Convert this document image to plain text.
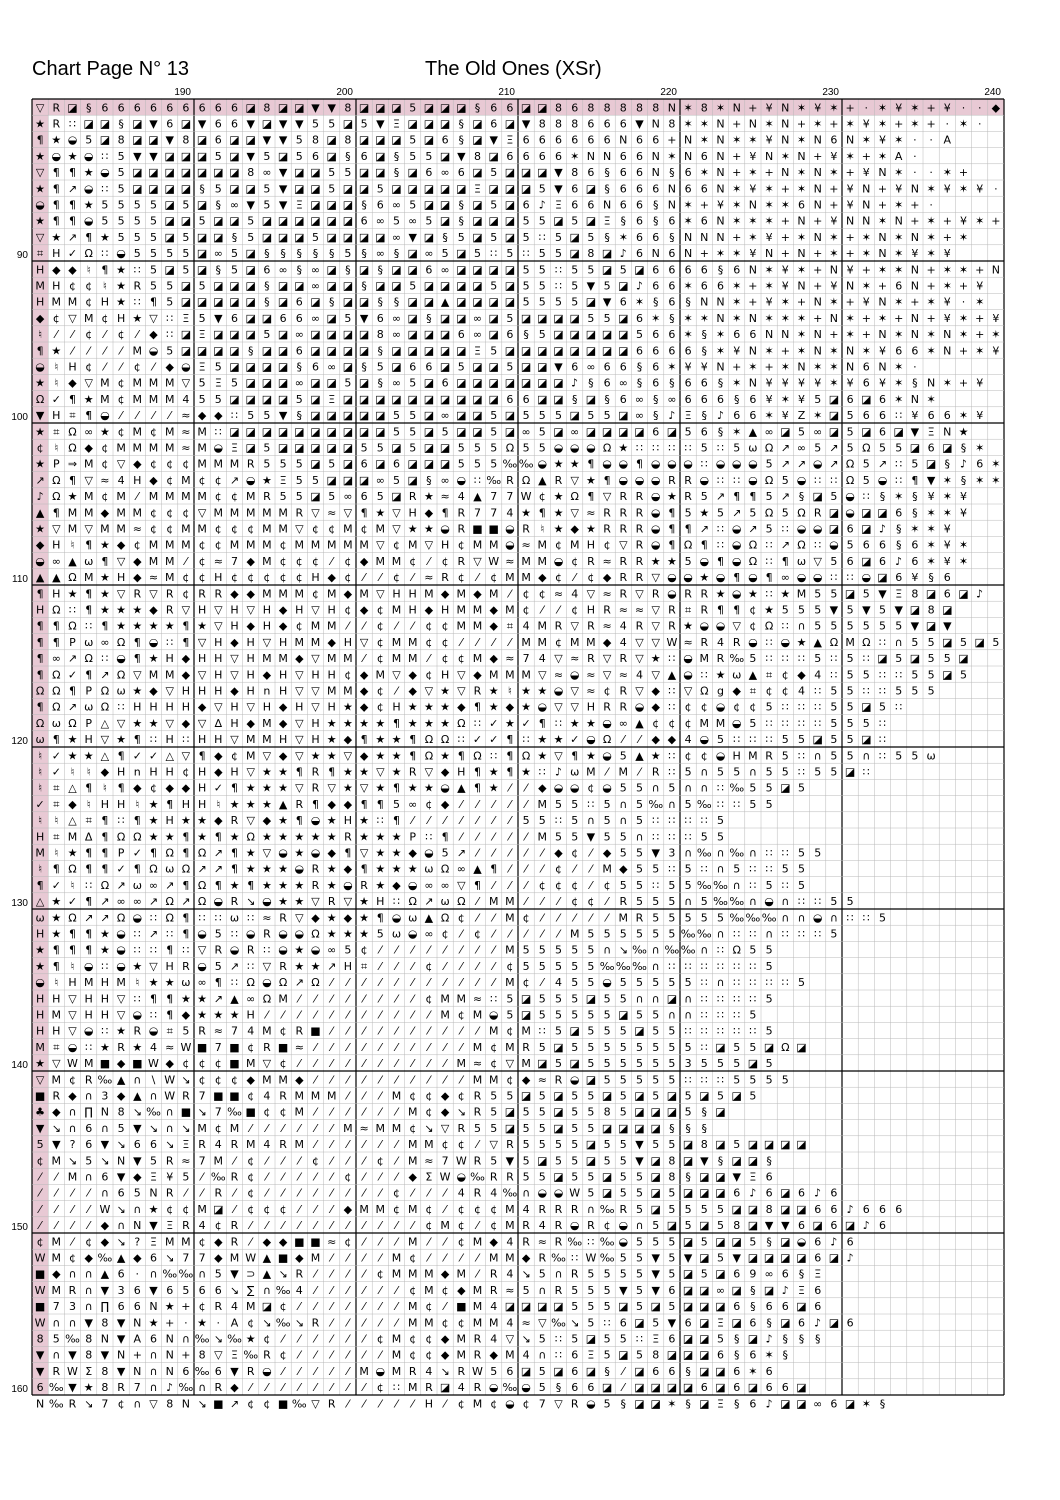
Chart Page N° 13	The Old Ones (XSr)
▽ R ◪ § 6 6 6 6 6 6 6 6 6 ◪ 8 ◪ ◪ ▼ ▼ 8 ◪ ◪ ◪ 5 ◪ ◪ ◪ § 6 6 ◪ ◪ 8 6 8 8 8 8 8 N ✶ 8 ✶ N + ¥ N ✶ ¥ ✶ + · ✶ ¥ ✶ + ¥ · · ◆
★ R ∷ ◪ ◪ § ◪ ▼ 6 ◪ ▼ 6 6 ▼ ◪ ▼ ▼ 5 5 ◪ 5 ▼ Ξ ◪ ◪ ◪ § ◪ 6 ◪ ▼ 8 8 8 6 6 6 ▼ N 8 ✶ ✶ N + N ✶ N + ✶ + ✶ ¥ ✶ + ✶ + · ✶ ·
¶ ★ ◒ 5 ◪ 8 ◪ ◪ ▼ 8 ◪ 6 ◪ ◪ ▼ ▼ 5 8 ◪ 8 ◪ ◪ ◪ 5 ◪ 6 § ◪ ▼ Ξ 6 6 6 6 6 6 N 6 6 + N ✶ N ✶ ✶ ¥ N ✶ N 6 N ✶ ¥ ✶ · · A
★ ◒ ★ ◒ ∷ 5 ▼ ▼ ◪ ◪ ◪ 5 ◪ ▼ 5 ◪ 5 6 ◪ § 6 ◪ § 5 5 ◪ ▼ 8 ◪ 6 6 6 6 ✶ N N 6 6 N ✶ N 6 N + ¥ N ✶ N + ¥ ✶ + ✶ A ·
▽ ¶ ¶ ★ ◒ 5 ◪ ◪ ◪ ◪ ◪ ◪ ◪ 8 ∞ ▼ ◪ ◪ 5 5 ◪ ◪ § ◪ 6 ∞ 6 ◪ 5 ◪ ◪ ◪ ▼ 8 6 § 6 6 N § 6 ✶ N + ✶ + N ✶ N ✶ + ¥ N ✶ · · ✶ +
★ ¶ ↗ ◒ ∷ 5 ◪ ◪ ◪ ◪ § 5 ◪ ◪ 5 ▼ ◪ ◪ 5 ◪ ◪ 5 ◪ ◪ ◪ ◪ ◪ Ξ ◪ ◪ ◪ 5 ▼ 6 ◪ § 6 6 6 N 6 6 N ✶ ¥ ✶ + ✶ N + ¥ N + ¥ N ✶ ¥ ✶ ¥ ·
◒ ¶ ¶ ★ 5 5 5 5 ◪ 5 ◪ § ∞ ▼ 5 ▼ Ξ ◪ ◪ ◪ § 6 ∞ 5 ◪ ◪ § ◪ 5 ◪ 6 ♪ Ξ 6 6 N 6 6 § N ✶ + ¥ ✶ N ✶ ✶ 6 N + ¥ N + ✶ + ·
★ ¶ ¶ ◒ 5 5 5 5 ◪ ◪ 5 ◪ ◪ 5 ◪ ◪ ◪ ◪ ◪ ◪ 6 ∞ 5 ∞ 5 ◪ § ◪ ◪ ◪ 5 5 ◪ 5 ◪ Ξ § 6 § 6 ✶ 6 N ✶ ✶ ✶ + N + ¥ N N ✶ N + ✶ + ¥ ✶ +
▽ ★ ↗ ¶ ★ 5 5 5 ◪ 5 ◪ ◪ § 5 ◪ ◪ ◪ 5 ◪ ◪ ◪ ◪ ∞ ▼ ◪ § 5 ◪ 5 ◪ 5 ∷ 5 ◪ 5 § ✶ 6 6 § N N N + ✶ ¥ + ✶ N ✶ + ✶ N ✶ N ✶ + ✶
⌗ H ✓ Ω ∷ ◒ 5 5 5 5 ◪ ∞ 5 ◪ § § § § § 5 § ∞ § ◪ ∞ 5 ◪ 5 ∷ 5 ∷ 5 5 ◪ 8 ◪ ♪ 6 N 6 N + ✶ ✶ ¥ N + N + ✶ + ✶ N ✶ ¥ ✶ ¥
H ◆ ◆ ♮ ¶ ★ ∷ 5 ◪ 5 ◪ § 5 ◪ 6 ∞ § ∞ ◪ § ◪ § ◪ ◪ 6 ∞ ◪ ◪ ◪ ◪ 5 5 ∷ 5 5 ◪ 5 ◪ 6 6 6 6 § 6 N ✶ ¥ ✶ + N ¥ + ✶ ✶ N + ✶ ✶ + N
M H ¢ ¢ ♮ ★ R 5 5 ◪ 5 ◪ ◪ ◪ § ◪ ◪ ∞ ◪ ◪ § ◪ ◪ 5 ◪ ◪ ◪ ◪ 5 ◪ 5 5 ∷ 5 ▼ 5 ◪ ♪ 6 6 ✶ 6 6 ✶ + ✶ ¥ N + ¥ N ✶ + 6 N + ✶ + ¥
H M M ¢ H ★ ∷ ¶ 5 ◪ ◪ ◪ ◪ ◪ § ◪ 6 ◪ § ◪ ◪ § § ◪ ◪ ▲ ◪ ◪ ◪ ◪ 5 5 5 5 ◪ ▼ 6 ✶ § 6 § N N ✶ + ¥ ✶ + N ✶ + ¥ N ✶ + ✶ ¥ · ✶
◆ ¢ ▽ M ¢ H ★ ▽ ∷ Ξ 5 ▼ 6 ◪ ◪ 6 6 ∞ ◪ 5 ▼ 6 ∞ ◪ § ◪ ◪ ∞ ◪ 5 ◪ ◪ ◪ ◪ 5 5 ◪ 6 ✶ § ✶ ✶ N ✶ N ✶ ✶ ✶ + N ✶ + ✶ + N + ¥ ✶ + ¥
♮ ⁄ ⁄ ¢ ⁄ ¢ ⁄ ◆ ∷ ◪ Ξ ◪ ◪ ◪ 5 ◪ ∞ ◪ ◪ ◪ ◪ 8 ∞ ◪ ◪ ◪ 6 ∞ ◪ 6 § 5 ◪ ◪ ◪ ◪ ◪ 5 6 6 ✶ § ✶ 6 6 N N ✶ N + ✶ + N ✶ N ✶ N ✶ + ✶
¶ ★ ⁄ ⁄ ⁄ ⁄ M ◒ 5 ◪ ◪ ◪ ◪ § ◪ ◪ 6 ◪ ◪ ◪ ◪ § ◪ ◪ ◪ ◪ ◪ Ξ 5 ◪ ◪ ◪ ◪ ◪ ◪ ◪ ◪ 6 6 6 6 § ✶ ¥ N ✶ + ✶ N ✶ N ✶ ¥ 6 6 ✶ N + ✶ ¥
◒ ♮ H ¢ ⁄ ⁄ ¢ ⁄ ◆ ◒ Ξ 5 ◪ ◪ ◪ ◪ § 6 ∞ ◪ § 5 ◪ 6 6 ◪ 5 ◪ ◪ 5 ◪ ◪ ▼ 6 ∞ 6 6 § 6 ✶ ¥ ¥ N + ✶ + ✶ N ✶ ✶ N 6 N ✶ ·
★ ♮ ◆ ▽ M ¢ M M M ▽ 5 Ξ 5 ◪ ◪ ◪ ∞ ◪ ◪ 5 ◪ § ∞ 5 ◪ 6 ◪ ◪ ◪ ◪ ◪ ◪ ◪ ♪ § 6 ∞ § 6 § 6 6 § ✶ N ¥ ¥ ¥ ¥ ✶ ¥ 6 ¥ ✶ § N ✶ + ¥
Ω ✓ ¶ ★ M ¢ M M M 4 5 5 ◪ ◪ ◪ ◪ 5 ◪ Ξ ◪ ◪ ◪ ◪ ◪ ◪ ◪ ◪ ◪ ◪ 6 6 ◪ ◪ § ◪ § 6 ∞ § ∞ 6 6 6 § 6 ¥ ✶ ¥ 5 ◪ 6 ◪ 6 ✶ N ✶
▼ H ⌗ ¶ ◒ ⁄ ⁄ ⁄ ⁄ ≈ ◆ ◆ ∷ 5 5 ▼ § ◪ ◪ ◪ ◪ ◪ 5 5 ◪ ∞ ◪ ◪ 5 ◪ 5 5 5 ◪ 5 5 ◪ ∞ § ♪ Ξ § ♪ 6 6 ✶ ¥ Z ✶ ◪ 5 6 6 ∷ ¥ 6 6 ✶ ¥
★ ⌗ Ω ∞ ★ ¢ M ¢ M ≈ M ∷ ◪ ◪ ◪ ◪ ◪ ◪ ◪ ◪ ◪ ◪ 5 5 ◪ 5 ◪ ◪ 5 ◪ ∞ 5 ◪ ∞ ◪ ◪ ◪ ◪ 6 ◪ 5 6 § ✶ ▲ ∞ ◪ 5 ∞ ◪ 5 ◪ 6 ◪ ▼ Ξ N ★
¢ ♮ Ω ◆ ¢ M M M M ≈ M ◒ Ξ ◪ 5 ◪ ◪ ◪ ◪ ◪ 5 5 ◪ 5 ◪ ◪ 5 5 5 Ω 5 5 ◒ ◒ ◒ Ω ★ ∷ ∷ ∷ ∷ 5 ∷ 5 ω Ω ↗ ∞ 5 ↗ 5 Ω 5 5 ◪ 6 ◪ § ✶
★ P ⇒ M ¢ ▽ ◆ ¢ ¢ ¢ M M M R 5 5 5 ◪ 5 ◪ 6 ◪ 6 ◪ ◪ ◪ 5 5 5 ‰ ‰ ◒ ★ ★ ¶ ◒ ◒ ¶ ◒ ◒ ◒ ∷ ◒ ◒ ◒ 5 ↗ ↗ ◒ ↗ Ω 5 ↗ ∷ 5 ◪ § ♪ 6 ✶
↗ Ω ¶ ▽ ≈ 4 H ◆ ¢ M ¢ ¢ ↗ ◒ ★ Ξ 5 5 ◪ ◪ ◪ ∞ 5 ◪ § ∞ ◒ ∷ ‰ R Ω ▲ R ▽ ★ ¶ ◒ ◒ ◒ R R ◒ ∷ ∷ ◒ Ω 5 ◒ ∷ ∷ Ω 5 ◒ ∷ ¶ ▼ ✶ § ✶ ✶
♪ Ω ★ M ¢ M ⁄ M M M M ¢ ¢ M R 5 5 ◪ 5 ∞ 6 5 ◪ R ★ ≈ 4 ▲ 7 7 W ¢ ★ Ω ¶ ▽ R R ◒ ★ R 5 ↗ ¶ ¶ 5 ↗ § ◪ 5 ◒ ∷ § ✶ § ¥ ✶ ¥
▲ ¶ M M ◆ M M ¢ ¢ ¢ ▽ M M M M M R ▽ ≈ ▽ ¶ ★ ▽ H ◆ ¶ R 7 7 4 ★ ¶ ★ ▽ ≈ R R R ◒ ¶ 5 ★ 5 ↗ 5 Ω 5 Ω R ◪ ◒ ◪ ◪ 6 § ✶ ✶ ¥
★ ▽ M ▽ M M ≈ ¢ ¢ M M ¢ ¢ ¢ M M ▽ ¢ ¢ M ¢ M ▽ ★ ★ ◒ R ■ ■ ◒ R ♮ ★ ◆ ★ R R R ◒ ¶ ¶ ↗ ∷ ◒ ↗ 5 ∷ ◒ ◒ ◪ 6 ◪ ♪ § ✶ ✶ ¥
◆ H ♮ ¶ ★ ◆ ¢ M M M ¢ ¢ M M M ¢ M M M M M ▽ ¢ M ▽ H ¢ M M ◒ ≈ M ¢ M H ¢ ▽ R ◒ ¶ Ω ¶ ∷ ◒ Ω ∷ ↗ Ω ∷ ◒ 5 6 6 § 6 ✶ ¥ ✶
◒ ∞ ▲ ω ¶ ▽ ◆ M M ⁄ ¢ ≈ 7 ◆ M ¢ ¢ ¢ ⁄ ¢ ◆ M M ¢ ⁄ ¢ R ▽ W ≈ M M ◒ ¢ R ≈ R R ★ ★ 5 ◒ ¶ ◒ Ω ∷ ¶ ω ▽ 5 6 ◪ 6 ♪ 6 ✶ ¥ ✶
▲ ▲ Ω M ★ H ◆ ≈ M ¢ ¢ H ¢ ¢ ¢ ¢ ¢ H ◆ ¢ ⁄ ⁄ ¢ ⁄ ≈ R ¢ ⁄ ¢ M M ◆ ¢ ⁄ ¢ ◆ R R ▽ ◒ ◒ ★ ◒ ¶ ◒ ¶ ∞ ◒ ◒ ∷ ∷ ◒ ◪ 6 ¥ § 6
¶ H ★ ¶ ★ ▽ R ▽ R ¢ R R ◆ ◆ M M M ¢ M ◆ M ▽ H H M ◆ M ◆ M ⁄ ¢ ¢ ≈ 4 ▽ ≈ R ▽ R ◒ R R ★ ◒ ★ ∷ ★ M 5 5 ◪ 5 ▼ Ξ 8 ◪ 6 ◪ ♪
H Ω ∷ ¶ ★ ★ ★ ◆ R ▽ H ▽ H ▽ H ◆ H ▽ H ¢ ◆ ¢ M H ◆ H M M ◆ M ¢ ⁄ ⁄ ¢ H R ≈ ≈ ▽ R ⌗ R ¶ ¶ ¢ ★ 5 5 5 ▼ 5 ▼ 5 ▼ ◪ 8 ◪
¶ ¶ Ω ∷ ¶ ★ ★ ★ ★ ¶ ★ ▽ H ◆ H ◆ ¢ M M ⁄ ⁄ ¢ ⁄ ⁄ ¢ ¢ M M ◆ ⌗ 4 M R ▽ R ≈ 4 R ▽ R ★ ◒ ◒ ▽ ¢ Ω ∷ ∩ 5 5 5 5 5 5 ▼ ◪ ▼
¶ ¶ P ω ∞ Ω ¶ ◒ ∷ ¶ ▽ H ◆ H ▽ H M M ◆ H ▽ ¢ M M ¢ ¢ ⁄ ⁄ ⁄ ⁄ M M ¢ M M ◆ 4 ▽ ▽ W ≈ R 4 R ◒ ∷ ◒ ★ ▲ Ω M Ω ∷ ∩ 5 5 ◪ 5 ◪ 5
¶ ∞ ↗ Ω ∷ ◒ ¶ ★ H ◆ H H ▽ H M M ◆ ▽ M M ⁄ ¢ M M ⁄ ¢ ¢ M ◆ ≈ 7 4 ▽ ≈ R ▽ R ▽ ★ ∷ ◒ M R ‰ 5 ∷ ∷ ∷ 5 ∷ 5 ∷ ◪ 5 ◪ 5 5 ◪
¶ Ω ✓ ¶ ↗ Ω ▽ M M ◆ ▽ H ▽ H ◆ H ▽ H H ¢ ◆ M ▽ ◆ ¢ H ▽ ◆ M M M ▽ ≈ ◒ ≈ ▽ ≈ 4 ▽ ▲ ◒ ∷ ★ ω ▲ ⌗ ¢ ◆ 4 ∷ 5 5 ∷ ∷ 5 5 ◪ 5
Ω Ω ¶ P Ω ω ★ ◆ ▽ H H H ◆ H n H ▽ ▽ M M ◆ ¢ ⁄ ◆ ▽ ★ ▽ R ★ ♮ ★ ★ ◒ ▽ ≈ ¢ R ▽ ◆ ∷ ▽ Ω g ◆ ⌗ ¢ ¢ 4 ∷ 5 5 ∷ ∷ 5 5 5
¶ Ω ↗ ω Ω ∷ H H H H ◆ ▽ H ▽ H ◆ H ▽ H ★ ◆ ¢ H ★ ★ ★ ◆ ¶ ★ ◆ ★ ◒ ▽ ▽ H R R ◒ ◆ ∷ ¢ ¢ ◒ ¢ ¢ 5 ∷ ∷ ∷ 5 5 ◪ 5 ∷
Ω ω Ω P △ ▽ ★ ★ ▽ ◆ ▽ ∆ H ◆ M ◆ ▽ H ★ ★ ★ ★ ¶ ★ ★ ★ Ω ∷ ✓ ★ ✓ ¶ ∷ ★ ★ ◒ ∞ ▲ ¢ ¢ ¢ M M ◒ 5 ∷ ∷ ∷ ∷ 5 5 5 ∷
ω ¶ ★ H ▽ ★ ¶ ∷ H ∷ H H ▽ M M H ▽ H ★ ◆ ¶ ★ ★ ¶ Ω Ω ∷ ✓ ✓ ¶ ∷ ★ ★ ✓ ◒ Ω ⁄ ⁄ ◆ ◆ 4 ◒ 5 ∷ ∷ ∷ 5 5 ◪ 5 5 ◪ ∷
♮ ✓ ★ ★ △ ¶ ✓ ✓ △ ▽ ¶ ◆ ¢ M ▽ ◆ ▽ ★ ★ ▽ ◆ ★ ★ ¶ Ω ★ ¶ Ω ∷ ¶ Ω ★ ▽ ¶ ★ ◒ 5 ▲ ★ ∷ ¢ ¢ ◒ H M R 5 ∷ ∩ 5 5 ∩ ∷ 5 5 ω
♮ ✓ ♮ ♮ ◆ H n H H ¢ H ◆ H ▽ ★ ★ ¶ R ¶ ★ ★ ▽ ★ R ▽ ◆ H ¶ ★ ¶ ★ ∷ ♪ ω M ⁄ M ⁄ R ∷ 5 ∩ 5 5 ∩ 5 5 ∷ 5 5 ◪ ∷
♮ ⌗ △ ¶ ♮ ¶ ◆ ¢ ◆ ◆ H ✓ ¶ ★ ★ ★ ▽ R ▽ ★ ▽ ★ ¶ ★ ★ ◒ ▲ ¶ ★ ⁄ ⁄ ◆ ◒ ◒ ¢ ◒ 5 5 ∩ 5 ∩ ∩ ∷ ‰ 5 5 ◪ 5
✓ ⌗ ◆ ♮ H H ♮ ★ ¶ H H ♮ ★ ★ ★ ▲ R ¶ ◆ ◆ ¶ ¶ 5 ∞ ¢ ◆ ⁄ ⁄ ⁄ ⁄ ⁄ M 5 5 ∷ 5 ∩ 5 ‰ ∩ 5 ‰ ∷ ∷ 5 5
♮ ♮ △ ⌗ ¶ ∷ ¶ ★ H ★ ★ ◆ R ▽ ◆ ★ ¶ ◒ ★ H ★ ∷ ¶ ⁄ ⁄ ⁄ ⁄ ⁄ ⁄ ⁄ 5 5 ∷ 5 ∩ 5 ∩ 5 ∷ ∷ ∷ ∷ 5
H ⌗ M Δ ¶ Ω Ω ★ ★ ¶ ★ ¶ ★ Ω ★ ★ ★ ★ ★ R ★ ★ ★ P ∷ ¶ ⁄ ⁄ ⁄ ⁄ ⁄ M 5 5 ▼ 5 5 ∩ ∷ ∷ ∷ 5 5
M ♮ ★ ¶ ¶ P ✓ ¶ Ω ¶ Ω ↗ ¶ ★ ▽ ◒ ★ ◒ ◆ ¶ ▽ ★ ★ ◆ ◒ 5 ↗ ⁄ ⁄ ⁄ ⁄ ⁄ ◆ ¢ ⁄ ◆ 5 5 ▼ 3 ∩ ‰ ∩ ‰ ∩ ∷ ∷ 5 5
♮ ¶ Ω ¶ ¶ ✓ ¶ Ω ω Ω ↗ ↗ ¶ ★ ★ ★ ◒ R ★ ◆ ¶ ★ ★ ★ ω Ω ∞ ▲ ¶ ⁄ ⁄ ⁄ ¢ ⁄ ⁄ M ◆ 5 5 ∷ 5 ∷ ∩ 5 ∷ ∷ 5 5
¶ ✓ ♮ ∷ Ω ↗ ω ∞ ↗ ¶ Ω ¶ ★ ¶ ★ ★ ★ R ★ ◒ R ★ ◆ ◒ ∞ ∞ ▽ ¶ ⁄ ⁄ ⁄ ¢ ¢ ¢ ⁄ ¢ 5 5 ∷ 5 5 ‰ ‰ ∩ ∷ 5 ∷ 5
△ ★ ✓ ¶ ↗ ∞ ∞ ↗ Ω ↗ Ω ◒ R ↘ ◒ ★ ★ ▽ R ▽ ★ H ∷ Ω ↗ ω Ω ⁄ M M ⁄ ⁄ ⁄ ¢ ¢ ⁄ R 5 5 5 ∩ 5 ‰ ‰ ∩ ◒ ∩ ∷ ∷ 5 5
ω ★ Ω ↗ ↗ Ω ◒ ∷ Ω ¶ ∷ ∷ ω ∷ ≈ R ▽ ◆ ★ ◆ ★ ¶ ◒ ω ▲ Ω ¢ ⁄ ⁄ M ¢ ⁄ ⁄ ⁄ ⁄ ⁄ M R 5 5 5 5 5 ‰ ‰ ‰ ∩ ∩ ◒ ∩ ∷ ∷ 5
H ★ ¶ ¶ ★ ◒ ∷ ↗ ∷ ¶ ◒ 5 ∷ ◒ R ◒ ◒ Ω ★ ★ ★ 5 ω ◒ ∞ ¢ ⁄ ¢ ⁄ ⁄ ⁄ ⁄ ⁄ M 5 5 5 5 5 5 ‰ ‰ ∩ ∷ ∷ ∩ ∷ ∷ ∷ 5
★ ¶ ¶ ¶ ★ ◒ ∷ ∷ ¶ ∷ ▽ R ◒ R ∷ ◒ ★ ◒ ∞ 5 ¢ ⁄ ⁄ ⁄ ⁄ ⁄ ⁄ ⁄ ⁄ M 5 5 5 5 5 ∩ ↘ ‰ ∩ ‰ ‰ ∩ ∷ Ω 5 5
★ ¶ ♮ ◒ ∷ ◒ ★ ▽ H R ◒ 5 ↗ ∷ ▽ R ★ ★ ↗ H ⌗ ⁄ ⁄ ⁄ ¢ ⁄ ⁄ ⁄ ⁄ ¢ 5 5 5 5 5 ‰ ‰ ‰ ∩ ∷ ∷ ∷ ∷ ∷ ∷ 5
◒ ♮ H M H M ♮ ★ ★ ω ∞ ¶ ∷ Ω ◒ Ω ↗ Ω ⁄ ⁄ ⁄ ⁄ ⁄ ⁄ ⁄ ⁄ ⁄ ⁄ ⁄ M ¢ ⁄ 4 5 5 ◒ 5 5 5 5 5 ∷ ∩ ∷ ∷ ∷ ∷ 5
H H ▽ H H ▽ ∷ ¶ ¶ ★ ★ ↗ ▲ ∞ Ω M ⁄ ⁄ ⁄ ⁄ ⁄ ⁄ ⁄ ⁄ ¢ M M ≈ ∷ 5 ◪ 5 5 5 ◪ 5 5 ∩ ∩ ◪ ∩ ∷ ∷ ∷ ∷ 5
H M ▽ H H ▽ ◒ ∷ ¶ ◆ ★ ★ ★ H ⁄ ⁄ ⁄ ⁄ ⁄ ⁄ ⁄ ⁄ ⁄ ⁄ ⁄ M ¢ M ◒ 5 ◪ 5 5 5 5 5 ◪ 5 5 ∩ ∩ ∷ ∷ ∷ 5
H H ▽ ◒ ∷ ★ R ◒ ⌗ 5 R ≈ 7 4 M ¢ R ■ ⁄ ⁄ ⁄ ⁄ ⁄ ⁄ ⁄ ⁄ ⁄ ⁄ M ¢ M ∷ 5 ◪ 5 5 5 ◪ 5 5 ∷ ∷ ∷ ∷ ∷ 5
M ⌗ ◒ ∷ ★ R ★ 4 ≈ W ■ 7 ■ ¢ R ■ ≈ ⁄ ⁄ ⁄ ⁄ ⁄ ⁄ ⁄ ⁄ ⁄ ⁄ M ¢ M R 5 ◪ 5 5 5 5 5 5 5 5 ∷ ◪ 5 5 ◪ Ω ◪
★ ▽ W M ■ ◆ ■ W ◆ ¢ ¢ ¢ ■ M ▽ ¢ ⁄ ⁄ ⁄ ⁄ ⁄ ⁄ ⁄ ⁄ ⁄ ⁄ M ≈ ¢ ▽ M ◪ 5 ◪ 5 5 5 5 5 5 3 5 5 5 ◪ 5
▽ M ¢ R ‰ ▲ ∩ \ W ↘ ¢ ¢ ¢ ◆ M M ◆ ⁄ ⁄ ⁄ ⁄ ⁄ ⁄ ⁄ ⁄ ⁄ ⁄ M M ¢ ◆ ≈ R ◒ ◪ 5 5 5 5 5 ∷ ∷ ∷ 5 5 5 5
■ R ◆ ∩ 3 ◆ ▲ ∩ W R 7 ■ ■ ¢ 4 R M M M ⁄ ⁄ ⁄ M ¢ ¢ ◆ ¢ R 5 5 ◪ 5 ◪ 5 5 ◪ 5 ◪ 5 ◪ 5 ◪ 5 ◪ 5
♣ ◆ ∩ ∏ N 8 ↘ ‰ ∩ ■ ↘ 7 ‰ ■ ¢ ¢ M ⁄ ⁄ ⁄ ⁄ ⁄ ⁄ M ¢ ◆ ↘ R 5 ◪ 5 5 ◪ 5 5 8 5 ◪ ◪ ◪ 5 § ◪
▼ ↘ ∩ 6 ∩ 5 ▼ ↘ ∩ ↘ M ¢ M ⁄ ⁄ ⁄ ⁄ ⁄ ⁄ M ≈ M M ¢ ↘ ▽ R 5 5 ◪ 5 5 ◪ 5 5 ◪ ◪ ◪ ◪ § § §
5 ▼ ? 6 ▼ ↘ 6 6 ↘ Ξ R 4 R M 4 R M ⁄ ⁄ ⁄ ⁄ ⁄ ⁄ M M ¢ ¢ ⁄ ▽ R 5 5 5 5 ◪ 5 5 ▼ 5 5 ◪ 8 ◪ 5 ◪ ◪ ◪ ◪
¢ M ↘ 5 ↘ N ▼ 5 R ≈ 7 M ⁄ ¢ ⁄ ⁄ ⁄ ¢ ⁄ ⁄ ⁄ ¢ ⁄ M ≈ 7 W R 5 ▼ 5 ◪ 5 5 ◪ 5 5 ▼ ◪ 8 ◪ ▼ § ◪ ◪ §
⁄ ⁄ M ∩ 6 ▼ ◆ Ξ ¥ 5 ⁄ ‰ R ¢ ⁄ ⁄ ⁄ ⁄ ⁄ ¢ ⁄ ⁄ ⁄ ◆ Σ W ◒ ‰ R R 5 5 ◪ 5 5 ◪ 5 5 ◪ 8 § ◪ ◪ ▼ Ξ 6
⁄ ⁄ ⁄ ⁄ ∩ 6 5 N R ⁄ ⁄ R ⁄ ¢ ⁄ ⁄ ⁄ ⁄ ⁄ ⁄ ⁄ ⁄ ¢ ⁄ ⁄ ⁄ 4 R 4 ‰ ∩ ◒ ◒ W 5 ◪ 5 5 ◪ 5 ◪ ◪ ◪ 6 ♪ 6 ◪ 6 ♪ 6
⁄ ⁄ ⁄ ⁄ W ↘ ∩ ★ ¢ ¢ M ◪ ⁄ ¢ ¢ ¢ ⁄ ⁄ ⁄ ◆ M M ¢ M ¢ ⁄ ¢ ¢ ¢ M 4 R R R ∩ ‰ R 5 ◪ 5 5 5 5 ◪ ◪ 8 ◪ ◪ 6 6 ♪ 6 6 6
⁄ ⁄ ⁄ ⁄ ◆ ∩ N ▼ Ξ R 4 ¢ R ⁄ ⁄ ⁄ ⁄ ⁄ ⁄ ⁄ ⁄ ⁄ ⁄ ⁄ ¢ M ¢ ⁄ ¢ M R 4 R ◒ R ¢ ◒ ∩ 5 ◪ 5 ◪ 5 8 ◪ ▼ ▼ 6 ◪ 6 ◪ ♪ 6
¢ M ⁄ ¢ ◆ ↘ ? Ξ M M ¢ ◆ R ⁄ ◆ ◆ ■ ■ ≈ ¢ ⁄ ⁄ ⁄ M ⁄ ⁄ ¢ M ◆ 4 R ≈ R ‰ ∷ ‰ ◒ 5 5 5 ◪ 5 ◪ ◪ 5 § ◪ ◒ 6 ♪ 6
W M ¢ ◆ ‰ ▲ ◆ 6 ↘ 7 7 ◆ M W ▲ ■ ◆ M ⁄ ⁄ ⁄ ⁄ M ¢ ⁄ ⁄ ⁄ ⁄ M M ◆ R ‰ ∷ W ‰ 5 5 ▼ 5 ▼ ◪ 5 ▼ ◪ ◪ ◪ ◪ 6 ◪ ♪
■ ◆ ∩ ∩ ▲ 6 · ∩ ‰ ‰ ∩ 5 ▼ ⊃ ▲ ↘ R ⁄ ⁄ ⁄ ⁄ ¢ M M M ◆ M ⁄ R 4 ↘ 5 ∩ R 5 5 5 5 ▼ 5 ◪ 5 ◪ 6 9 ∞ 6 § Ξ
W M R ∩ ▼ 3 6 ▼ 6 5 6 6 ↘ ∑ ∩ ‰ 4 ⁄ ⁄ ⁄ ⁄ ⁄ ⁄ ¢ M ¢ ◆ M R ≈ 5 ∩ R 5 5 5 ▼ 5 ▼ 6 ◪ ◪ ∞ ◪ § ◪ ♪ Ξ 6
■ 7 3 ∩ ∏ 6 6 N ★ + ¢ R 4 M ◪ ¢ ⁄ ⁄ ⁄ ⁄ ⁄ ⁄ ⁄ M ¢ ⁄ ■ M 4 ◪ ◪ ◪ ◪ 5 5 5 ◪ 5 ◪ 5 ◪ ◪ ◪ 6 § 6 6 ◪ 6
W ∩ ∩ ▼ 8 ▼ N ★ + · ★ · A ¢ ↘ ‰ ↘ R ⁄ ⁄ ⁄ ⁄ ⁄ M M ¢ ¢ M M 4 ≈ ▽ ‰ ↘ 5 ∷ 6 ◪ 5 ▼ 6 ◪ Ξ ◪ 6 § ◪ 6 ♪ ◪ 6
8 5 ‰ 8 N ▼ A 6 N ∩ ‰ ↘ ‰ ★ ¢ ⁄ ⁄ ⁄ ⁄ ⁄ ⁄ ¢ M ¢ ¢ ◆ M R 4 ▽ ↘ 5 ∷ 5 ◪ 5 5 ∷ Ξ 6 ◪ ◪ 5 § ◪ ♪ § § §
▼ ∩ ▼ 8 ▼ N + ∩ N + 8 ▽ Ξ ‰ R ¢ ⁄ ⁄ ⁄ ⁄ ⁄ ⁄ M ¢ ¢ ◆ M R ◆ M 4 ∩ ∷ 6 Ξ 5 ◪ 5 8 ◪ ◪ ◪ 6 § 6 ✶ §
▼ R W Σ 8 ▼ N ∩ N 6 ‰ 6 ▼ R ◒ ⁄ ⁄ ⁄ ⁄ ⁄ M ◒ M R 4 ↘ R W 5 6 ◪ 5 ◪ 6 ◪ § ⁄ ◪ 6 6 § ◪ ◪ 6 ✶ 6
6 ‰ ▼ ★ 8 R 7 ∩ ♪ ‰ ∩ R ◆ ⁄ ⁄ ⁄ ⁄ ⁄ ⁄ ⁄ ⁄ ¢ ∷ M R ◪ 4 R ◒ ‰ ◒ 5 § 6 6 ◪ ⁄ ◪ ◪ ◪ ◪ 6 ◪ 6 ◪ 6 6 ◪
N ‰ R ↘ 7 ¢ ∩ ▽ 8 N ↘ ■ ↗ ¢ ¢ ■ ‰ ▽ R ⁄ ⁄ ⁄ ⁄ ⁄ H ⁄ ¢ M ¢ ◒ ¢ 7 ▽ R ◒ 5 § ◪ ◪ ✶ § ◪ Ξ § 6 ♪ ◪ ◪ ∞ 6 ◪ ✶ §
190	200	210	220	230	240
90
100
110
120
130
140
150
160
